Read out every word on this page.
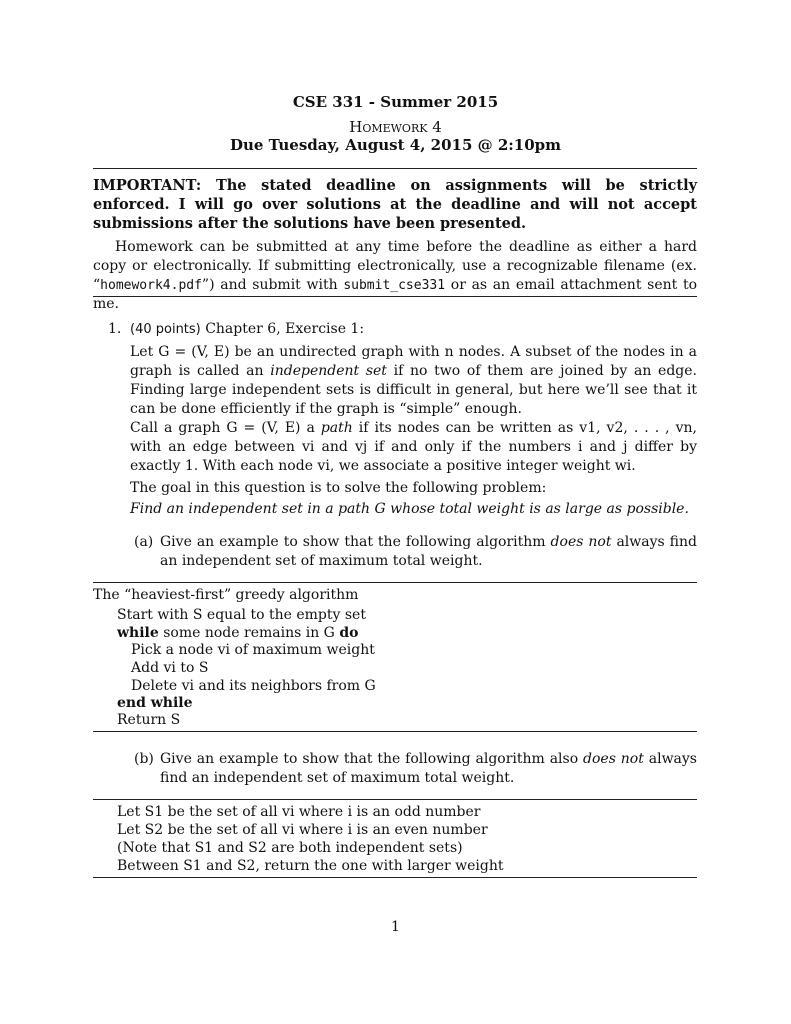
CSE 331 - Summer 2015
Homework 4
Due Tuesday, August 4, 2015 @ 2:10pm
IMPORTANT: The stated deadline on assignments will be strictly enforced. I will go over solutions at the deadline and will not accept submissions after the solutions have been presented.
Homework can be submitted at any time before the deadline as either a hard copy or electronically. If submitting electronically, use a recognizable filename (ex. “homework4.pdf”) and submit with submit_cse331 or as an email attachment sent to me.
1. (40 points) Chapter 6, Exercise 1:
Let G = (V, E) be an undirected graph with n nodes. A subset of the nodes in a graph is called an independent set if no two of them are joined by an edge. Finding large independent sets is difficult in general, but here we’ll see that it can be done efficiently if the graph is “simple” enough.
Call a graph G = (V, E) a path if its nodes can be written as v1, v2, . . . , vn, with an edge between vi and vj if and only if the numbers i and j differ by exactly 1. With each node vi, we associate a positive integer weight wi.
The goal in this question is to solve the following problem:
Find an independent set in a path G whose total weight is as large as possible.
(a) Give an example to show that the following algorithm does not always find an independent set of maximum total weight.
The “heaviest-first” greedy algorithm
Start with S equal to the empty set
while some node remains in G do
Pick a node vi of maximum weight
Add vi to S
Delete vi and its neighbors from G
end while
Return S
(b) Give an example to show that the following algorithm also does not always find an independent set of maximum total weight.
Let S1 be the set of all vi where i is an odd number
Let S2 be the set of all vi where i is an even number
(Note that S1 and S2 are both independent sets)
Between S1 and S2, return the one with larger weight
1
